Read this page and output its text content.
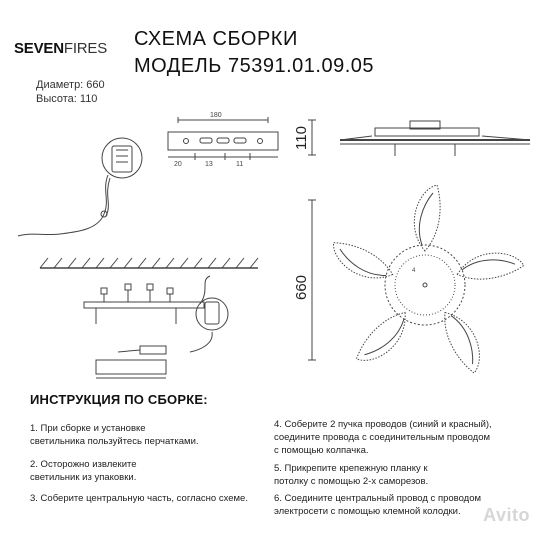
SEVENFIRES СХЕМА СБОРКИ
МОДЕЛЬ 75391.01.09.05
Диаметр: 660
Высота: 110
180
20	13	11
110
660
4
ИНСТРУКЦИЯ ПО СБОРКЕ:
1. При сборке и установке
светильника пользуйтесь перчатками.
2. Осторожно извлеките
светильник из упаковки.
3. Соберите центральную часть, согласно схеме.
4. Соберите 2 пучка проводов (синий и красный),
соедините провода с соединительным проводом
с помощью колпачка.
5. Прикрепите крепежную планку к
потолку с помощью 2-х саморезов.
6. Соедините центральный провод с проводом
электросети с помощью клемной колодки.	Avito
